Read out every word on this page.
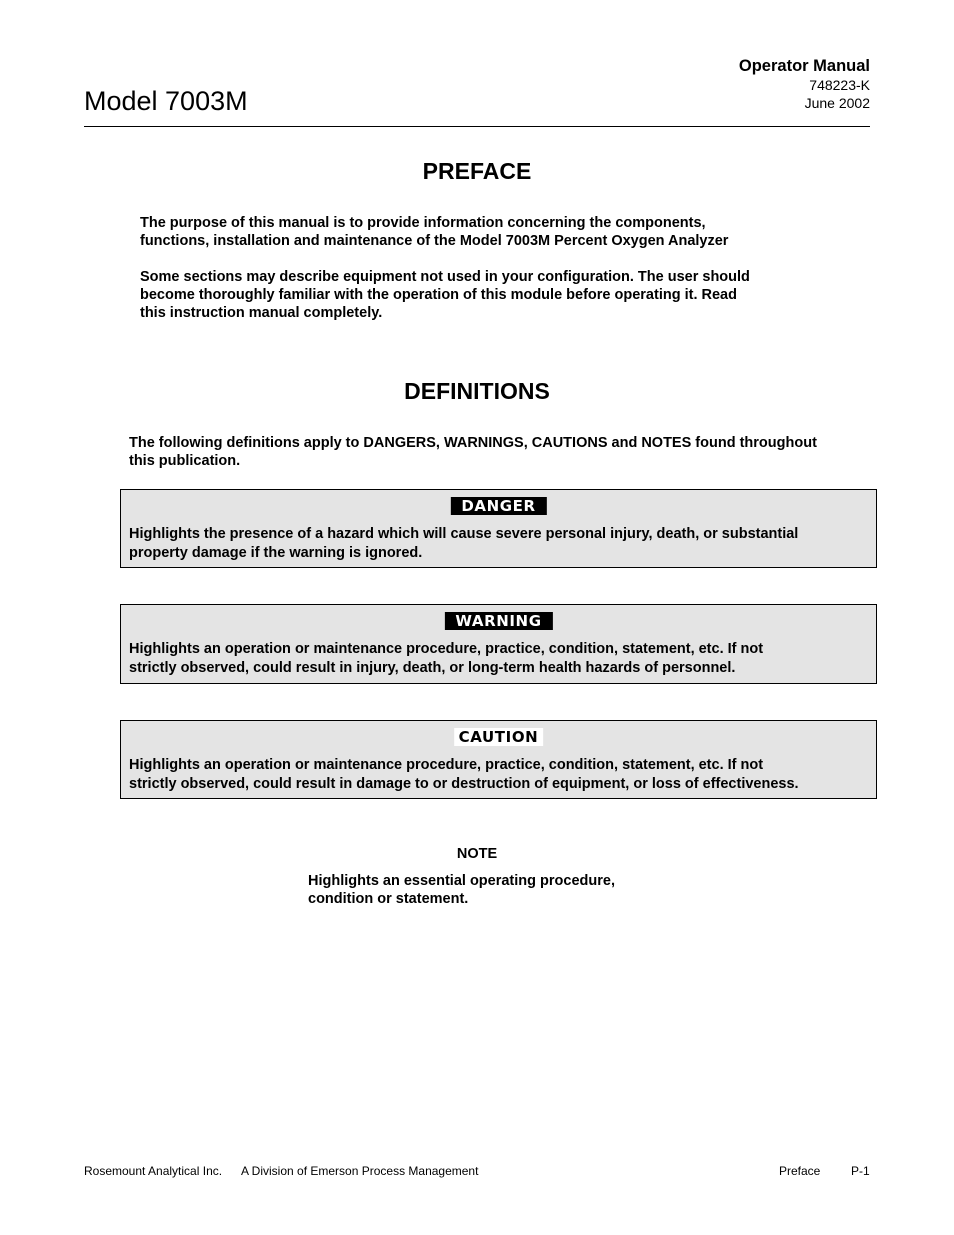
Model 7003M
Operator Manual
748223-K
June 2002
PREFACE
The purpose of this manual is to provide information concerning the components,
functions, installation and maintenance of the Model 7003M Percent Oxygen Analyzer
Some sections may describe equipment not used in your configuration. The user should
become thoroughly familiar with the operation of this module before operating it. Read
this instruction manual completely.
DEFINITIONS
The following definitions apply to DANGERS, WARNINGS, CAUTIONS and NOTES found throughout
this publication.
DANGER
Highlights the presence of a hazard which will cause severe personal injury, death, or substantial
property damage if the warning is ignored.
WARNING
Highlights an operation or maintenance procedure, practice, condition, statement, etc. If not
strictly observed, could result in injury, death, or long-term health hazards of personnel.
CAUTION
Highlights an operation or maintenance procedure, practice, condition, statement, etc. If not
strictly observed, could result in damage to or destruction of equipment, or loss of effectiveness.
NOTE
Highlights an essential operating procedure,
condition or statement.
Rosemount Analytical Inc. A Division of Emerson Process Management	Preface	P-1
